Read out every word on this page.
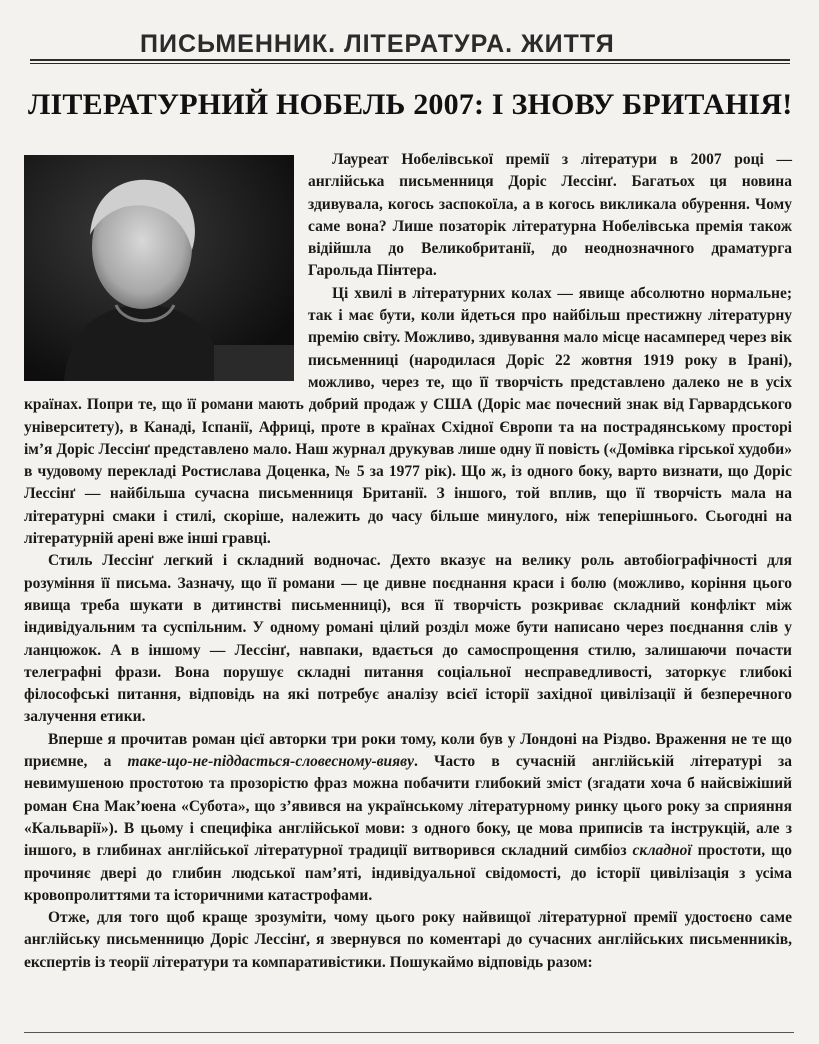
ПИСЬМЕННИК. ЛІТЕРАТУРА. ЖИТТЯ
ЛІТЕРАТУРНИЙ НОБЕЛЬ 2007: І ЗНОВУ БРИТАНІЯ!

Лауреат Нобелівської премії з літератури в 2007 році — англійська письменниця Доріс Лессінґ. Багатьох ця новина здивувала, когось заспокоїла, а в когось викликала обурення. Чому саме вона? Лише позаторік літературна Нобелівська премія також відійшла до Великобританії, до неоднозначного драматурга Гарольда Пінтера.

Ці хвилі в літературних колах — явище абсолютно нормальне; так і має бути, коли йдеться про найбільш престижну літературну премію світу. Можливо, здивування мало місце насамперед через вік письменниці (народилася Доріс 22 жовтня 1919 року в Ірані), можливо, через те, що її творчість представлено далеко не в усіх країнах. Попри те, що її романи мають добрий продаж у США (Доріс має почесний знак від Гарвардського університету), в Канаді, Іспанії, Африці, проте в країнах Східної Європи та на пострадянському просторі ім’я Доріс Лессінґ представлено мало. Наш журнал друкував лише одну її повість («Домівка гірської худоби» в чудовому перекладі Ростислава Доценка, № 5 за 1977 рік). Що ж, із одного боку, варто визнати, що Доріс Лессінґ — найбільша сучасна письменниця Британії. З іншого, той вплив, що її творчість мала на літературні смаки і стилі, скоріше, належить до часу більше минулого, ніж теперішнього. Сьогодні на літературній арені вже інші гравці.

Стиль Лессінґ легкий і складний водночас. Дехто вказує на велику роль автобіографічності для розуміння її письма. Зазначу, що її романи — це дивне поєднання краси і болю (можливо, коріння цього явища треба шукати в дитинстві письменниці), вся її творчість розкриває складний конфлікт між індивідуальним та суспільним. У одному романі цілий розділ може бути написано через поєднання слів у ланцюжок. А в іншому — Лессінґ, навпаки, вдається до самоспрощення стилю, залишаючи почасти телеграфні фрази. Вона порушує складні питання соціальної несправедливості, заторкує глибокі філософські питання, відповідь на які потребує аналізу всієї історії західної цивілізації й безперечного залучення етики.

Вперше я прочитав роман цієї авторки три роки тому, коли був у Лондоні на Різдво. Враження не те що приємне, а таке-що-не-піддасться-словесному-виявy. Часто в сучасній англійській літературі за невимушеною простотою та прозорістю фраз можна побачити глибокий зміст (згадати хоча б найсвіжіший роман Єна Мак’юена «Субота», що з’явився на українському літературному ринку цього року за сприяння «Кальварії»). В цьому і специфіка англійської мови: з одного боку, це мова приписів та інструкцій, але з іншого, в глибинах англійської літературної традиції витворився складний симбіоз складної простоти, що прочиняє двері до глибин людської пам’яті, індивідуальної свідомості, до історії цивілізація з усіма кровопролиттями та історичними катастрофами.

Отже, для того щоб краще зрозуміти, чому цього року найвищої літературної премії удостоєно саме англійську письменницю Доріс Лессінґ, я звернувся по коментарі до сучасних англійських письменників, експертів із теорії літератури та компаративістики. Пошукаймо відповідь разом:
